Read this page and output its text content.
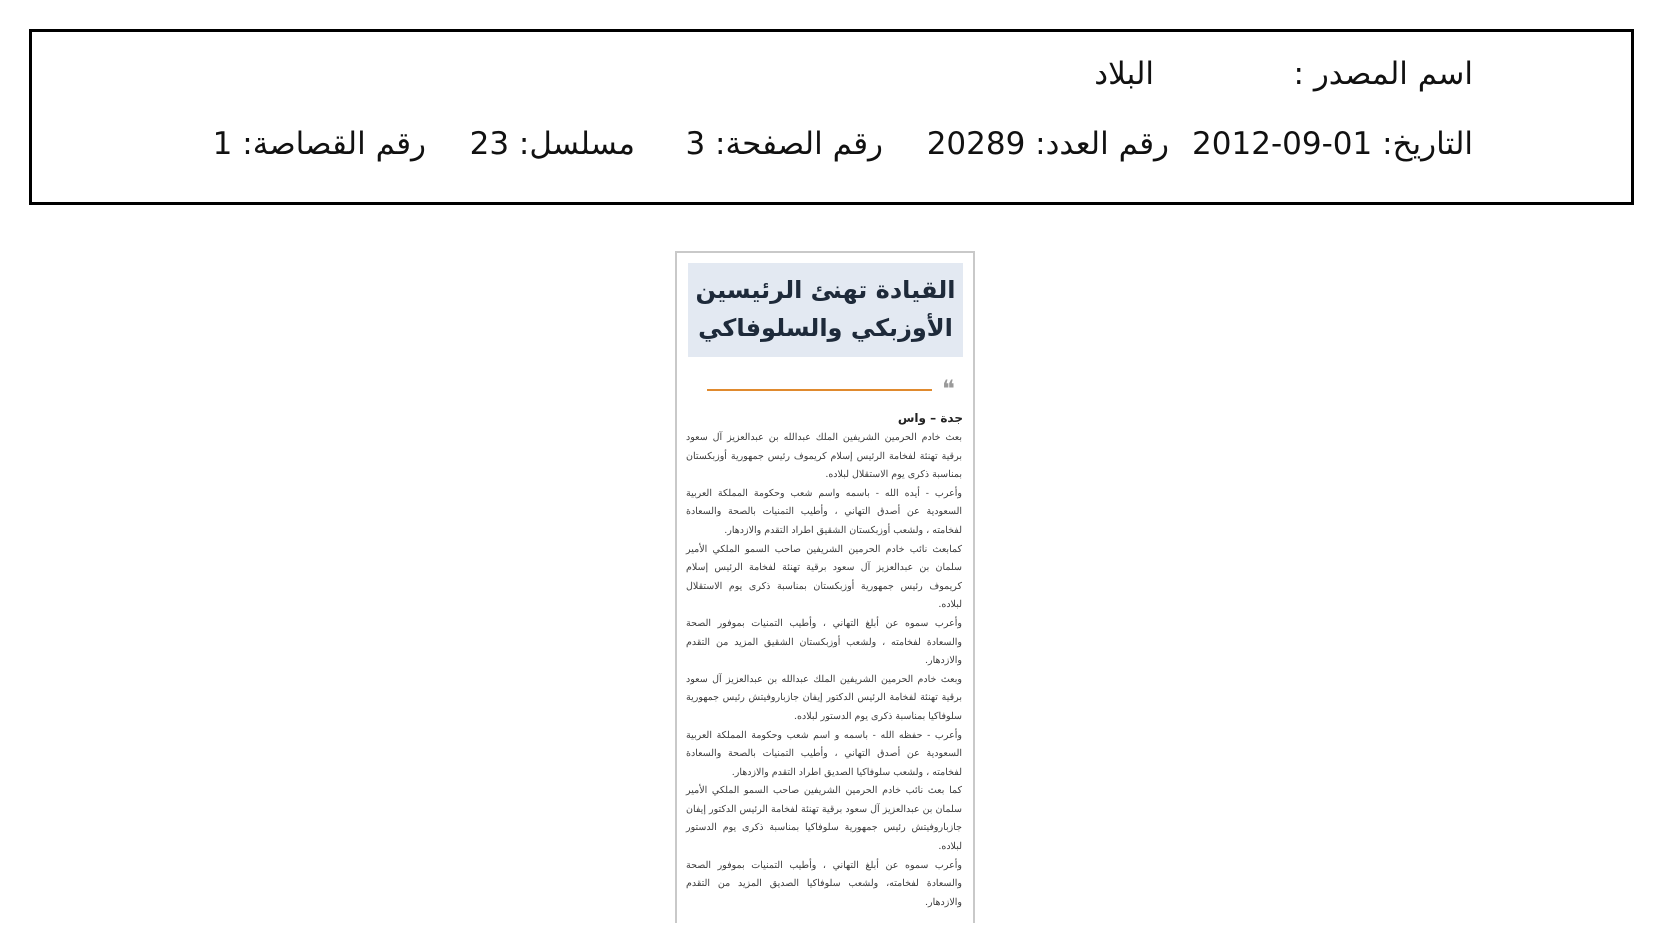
اسم المصدر :
البلاد
التاريخ: 01-09-2012
رقم العدد: 20289
رقم الصفحة: 3
مسلسل: 23
رقم القصاصة: 1
القيادة تهنئ الرئيسين
الأوزبكي والسلوفاكي
❝
جدة – واس

بعث خادم الحرمين الشريفين الملك عبدالله بن عبدالعزيز آل سعود برقية تهنئة لفخامة الرئيس إسلام كريموف رئيس جمهورية أوزبكستان بمناسبة ذكرى يوم الاستقلال لبلاده.

وأعرب - أيده الله - باسمه واسم شعب وحكومة المملكة العربية السعودية عن أصدق التهاني ، وأطيب التمنيات بالصحة والسعادة لفخامته ، ولشعب أوزبكستان الشقيق اطراد التقدم والازدهار.

كمابعث نائب خادم الحرمين الشريفين صاحب السمو الملكي الأمير سلمان بن عبدالعزيز آل سعود برقية تهنئة لفخامة الرئيس إسلام كريموف رئيس جمهورية أوزبكستان بمناسبة ذكرى يوم الاستقلال لبلاده.

وأعرب سموه عن أبلغ التهاني ، وأطيب التمنيات بموفور الصحة والسعادة لفخامته ، ولشعب أوزبكستان الشقيق المزيد من التقدم والازدهار.

وبعث خادم الحرمين الشريفين الملك عبدالله بن عبدالعزيز آل سعود برقية تهنئة لفخامة الرئيس الدكتور إيفان جازباروفيتش رئيس جمهورية سلوفاكيا بمناسبة ذكرى يوم الدستور لبلاده.

وأعرب - حفظه الله - باسمه و اسم شعب وحكومة المملكة العربية السعودية عن أصدق التهاني ، وأطيب التمنيات بالصحة والسعادة لفخامته ، ولشعب سلوفاكيا الصديق اطراد التقدم والازدهار.

كما بعث نائب خادم الحرمين الشريفين صاحب السمو الملكي الأمير سلمان بن عبدالعزيز آل سعود برقية تهنئة لفخامة الرئيس الدكتور إيفان جازباروفيتش رئيس جمهورية سلوفاكيا بمناسبة ذكرى يوم الدستور لبلاده.

وأعرب سموه عن أبلغ التهاني ، وأطيب التمنيات بموفور الصحة والسعادة لفخامته، ولشعب سلوفاكيا الصديق المزيد من التقدم والازدهار.
